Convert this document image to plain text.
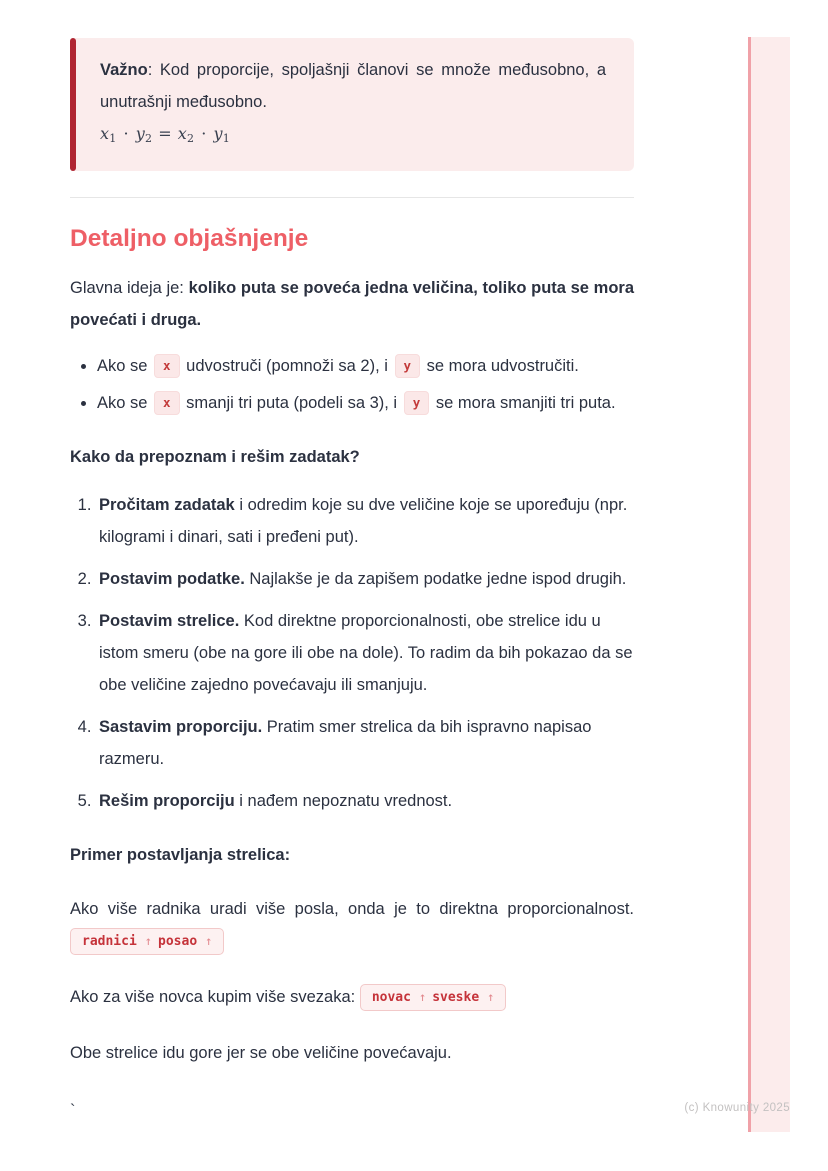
Važno: Kod proporcije, spoljašnji članovi se množe međusobno, a unutrašnji međusobno.

$x_1 \cdot y_2 = x_2 \cdot y_1$
Detaljno objašnjenje

Glavna ideja je: koliko puta se poveća jedna veličina, toliko puta se mora povećati i druga.

• Ako se x udvostruči (pomnoži sa 2), i y se mora udvostručiti.
• Ako se x smanji tri puta (podeli sa 3), i y se mora smanjiti tri puta.

Kako da prepoznam i rešim zadatak?

1. Pročitam zadatak i odredim koje su dve veličine koje se upoređuju (npr. kilogrami i dinari, sati i pređeni put).
2. Postavim podatke. Najlakše je da zapišem podatke jedne ispod drugih.
3. Postavim strelice. Kod direktne proporcionalnosti, obe strelice idu u istom smeru (obe na gore ili obe na dole). To radim da bih pokazao da se obe veličine zajedno povećavaju ili smanjuju.
4. Sastavim proporciju. Pratim smer strelica da bih ispravno napisao razmeru.
5. Rešim proporciju i nađem nepoznatu vrednost.

Primer postavljanja strelica:

Ako više radnika uradi više posla, onda je to direktna proporcionalnost. radnici ↑ posao ↑

Ako za više novca kupim više svezaka: novac ↑ sveske ↑

Obe strelice idu gore jer se obe veličine povećavaju.

`	(c) Knowunity 2025
